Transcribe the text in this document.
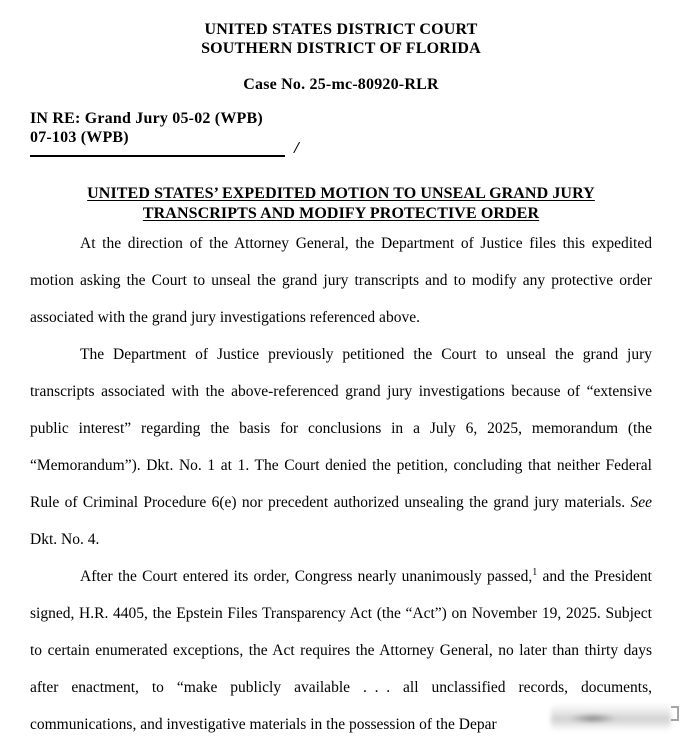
UNITED STATES DISTRICT COURT
SOUTHERN DISTRICT OF FLORIDA
Case No. 25-mc-80920-RLR
IN RE: Grand Jury 05-02 (WPB)
07-103 (WPB)
/
UNITED STATES’ EXPEDITED MOTION TO UNSEAL GRAND JURY
TRANSCRIPTS AND MODIFY PROTECTIVE ORDER

At the direction of the Attorney General, the Department of Justice files this expedited motion asking the Court to unseal the grand jury transcripts and to modify any protective order associated with the grand jury investigations referenced above.

The Department of Justice previously petitioned the Court to unseal the grand jury transcripts associated with the above-referenced grand jury investigations because of “extensive public interest” regarding the basis for conclusions in a July 6, 2025, memorandum (the “Memorandum”). Dkt. No. 1 at 1. The Court denied the petition, concluding that neither Federal Rule of Criminal Procedure 6(e) nor precedent authorized unsealing the grand jury materials. See Dkt. No. 4.

After the Court entered its order, Congress nearly unanimously passed,$^1$ and the President signed, H.R. 4405, the Epstein Files Transparency Act (the “Act”) on November 19, 2025. Subject to certain enumerated exceptions, the Act requires the Attorney General, no later than thirty days after enactment, to “make publicly available . . . all unclassified records, documents, communications, and investigative materials in the possession of the Depar
